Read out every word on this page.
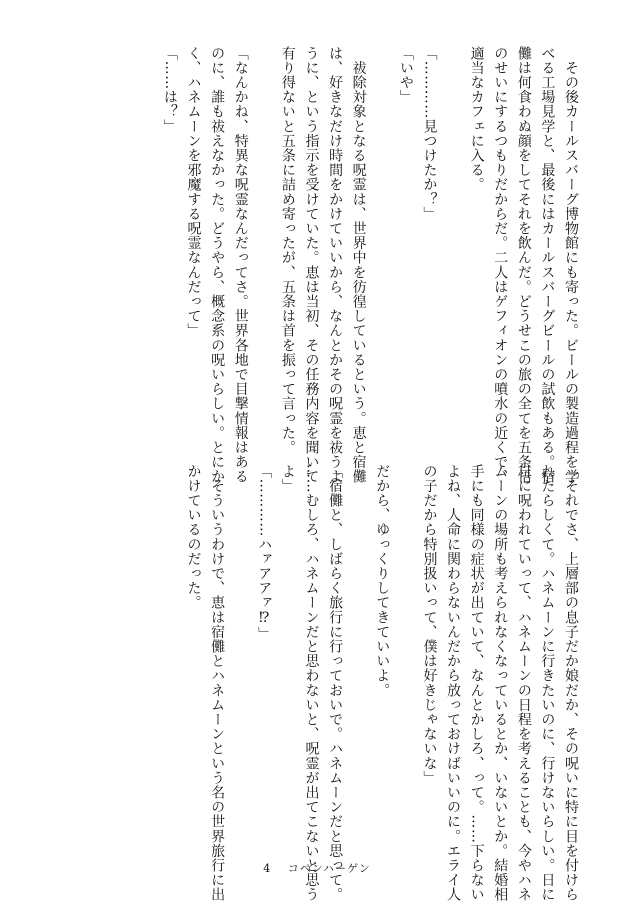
　その後カールスバーグ博物館にも寄った。ビールの製造過程を学
べる工場見学と、最後にはカールスバーグビールの試飲もある。宿
儺は何食わぬ顔をしてそれを飲んだ。どうせこの旅の全てを五条悟
のせいにするつもりだからだ。二人はゲフィオンの噴水の近くで、
適当なカフェに入る。

「…………見つけたか？」
「いや」

　祓除対象となる呪霊は、世界中を彷徨しているという。恵と宿儺
は、好きなだけ時間をかけていいから、なんとかその呪霊を祓うよ
うに、という指示を受けていた。恵は当初、その任務内容を聞いて
有り得ないと五条に詰め寄ったが、五条は首を振って言った。

「なんかね、特異な呪霊なんだってさ。世界各地で目撃情報はある
のに、誰も祓えなかった。どうやら、概念系の呪いらしい。とにか
く、ハネムーンを邪魔する呪霊なんだって」
「……は？」
「それでさ、上層部の息子だか娘だか、その呪いに特に目を付けら
れたらしくて。ハネムーンに行きたいのに、行けないらしい。日に
日に呪われていって、ハネムーンの日程を考えることも、今やハネ
ムーンの場所も考えられなくなっているとか、いないとか。結婚相
手にも同様の症状が出ていて、なんとかしろ、って。……下らない
よね、人命に関わらないんだから放っておけばいいのに。エライ人
の子だから特別扱いって、僕は好きじゃないな」

だから、ゆっくりしてきていいよ。

「宿儺と、しばらく旅行に行っておいで。ハネムーンだと思って。
……むしろ、ハネムーンだと思わないと、呪霊が出てこないと思う
よ」
「…………ハァアアァ⁉」

　そういうわけで、恵は宿儺とハネムーンという名の世界旅行に出
かけているのだった。
4 コペンハーゲン
